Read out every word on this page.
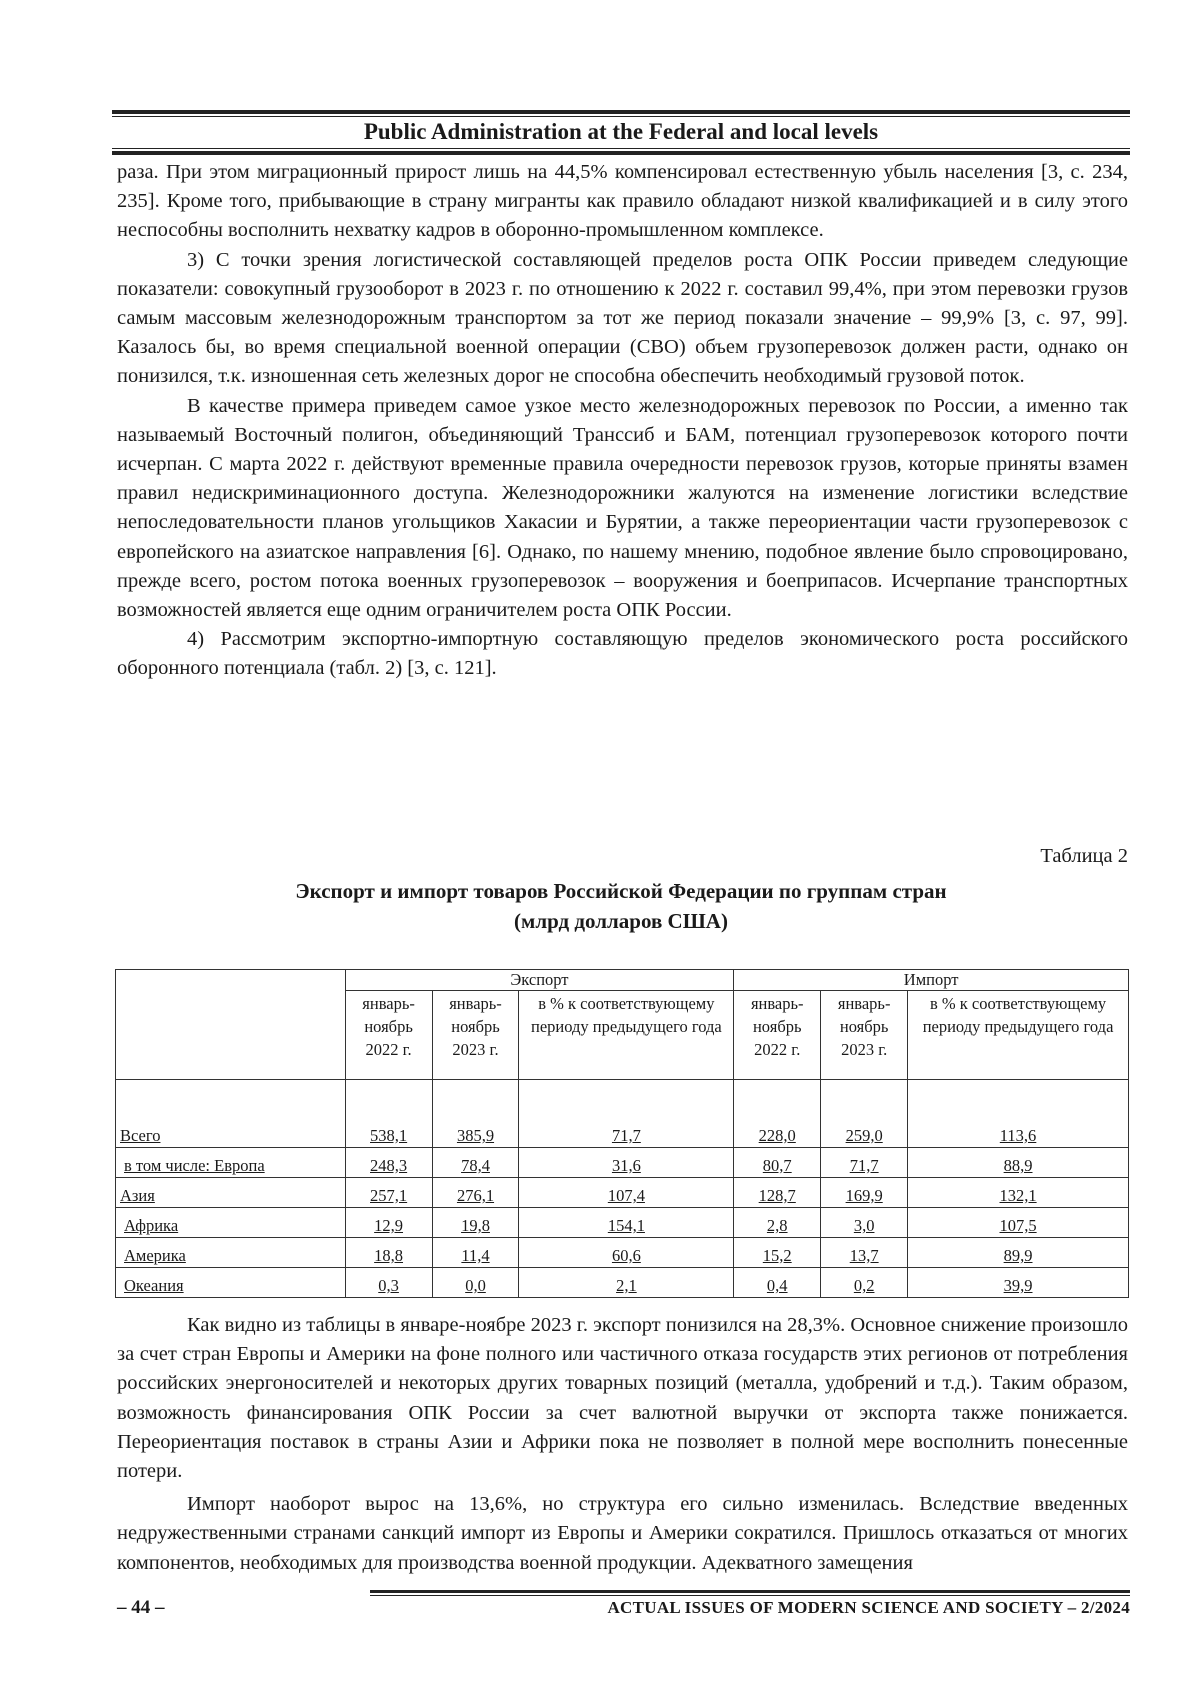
Public Administration at the Federal and local levels

раза. При этом миграционный прирост лишь на 44,5% компенсировал естественную убыль населения [3, с. 234, 235]. Кроме того, прибывающие в страну мигранты как правило обладают низкой квалификацией и в силу этого неспособны восполнить нехватку кадров в оборонно-промышленном комплексе.

3) С точки зрения логистической составляющей пределов роста ОПК России приведем следующие показатели: совокупный грузооборот в 2023 г. по отношению к 2022 г. составил 99,4%, при этом перевозки грузов самым массовым железнодорожным транспортом за тот же период показали значение – 99,9% [3, с. 97, 99]. Казалось бы, во время специальной военной операции (СВО) объем грузоперевозок должен расти, однако он понизился, т.к. изношенная сеть железных дорог не способна обеспечить необходимый грузовой поток.

В качестве примера приведем самое узкое место железнодорожных перевозок по России, а именно так называемый Восточный полигон, объединяющий Транссиб и БАМ, потенциал грузоперевозок которого почти исчерпан. С марта 2022 г. действуют временные правила очередности перевозок грузов, которые приняты взамен правил недискриминационного доступа. Железнодорожники жалуются на изменение логистики вследствие непоследовательности планов угольщиков Хакасии и Бурятии, а также переориентации части грузоперевозок с европейского на азиатское направления [6]. Однако, по нашему мнению, подобное явление было спровоцировано, прежде всего, ростом потока военных грузоперевозок – вооружения и боеприпасов. Исчерпание транспортных возможностей является еще одним ограничителем роста ОПК России.

4) Рассмотрим экспортно-импортную составляющую пределов экономического роста российского оборонного потенциала (табл. 2) [3, с. 121].

Таблица 2
Экспорт и импорт товаров Российской Федерации по группам стран
(млрд долларов США)
	Экспорт			Импорт		
	январь-ноябрь 2022 г.	январь-ноябрь 2023 г.	в % к соответствующему периоду предыдущего года	январь-ноябрь 2022 г.	январь-ноябрь 2023 г.	в % к соответствующему периоду предыдущего года

Всего	538,1	385,9	71,7	228,0	259,0	113,6
в том числе: Европа	248,3	78,4	31,6	80,7	71,7	88,9
Азия	257,1	276,1	107,4	128,7	169,9	132,1
Африка	12,9	19,8	154,1	2,8	3,0	107,5
Америка	18,8	11,4	60,6	15,2	13,7	89,9
Океания	0,3	0,0	2,1	0,4	0,2	39,9

Как видно из таблицы в январе-ноябре 2023 г. экспорт понизился на 28,3%. Основное снижение произошло за счет стран Европы и Америки на фоне полного или частичного отказа государств этих регионов от потребления российских энергоносителей и некоторых других товарных позиций (металла, удобрений и т.д.). Таким образом, возможность финансирования ОПК России за счет валютной выручки от экспорта также понижается. Переориентация поставок в страны Азии и Африки пока не позволяет в полной мере восполнить понесенные потери.

Импорт наоборот вырос на 13,6%, но структура его сильно изменилась. Вследствие введенных недружественными странами санкций импорт из Европы и Америки сократился. Пришлось отказаться от многих компонентов, необходимых для производства военной продукции. Адекватного замещения

– 44 –	ACTUAL ISSUES OF MODERN SCIENCE AND SOCIETY – 2/2024
